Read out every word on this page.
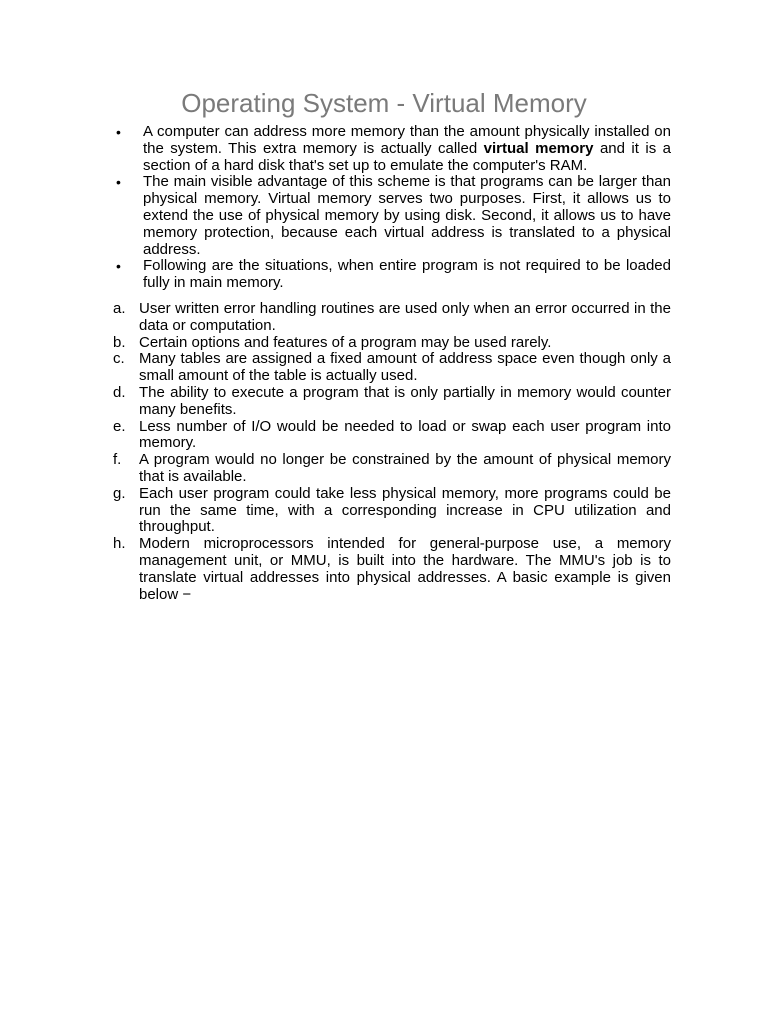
Operating System - Virtual Memory
•	A computer can address more memory than the amount physically installed on the system. This extra memory is actually called virtual memory and it is a section of a hard disk that's set up to emulate the computer's RAM.
•	The main visible advantage of this scheme is that programs can be larger than physical memory. Virtual memory serves two purposes. First, it allows us to extend the use of physical memory by using disk. Second, it allows us to have memory protection, because each virtual address is translated to a physical address.
•	Following are the situations, when entire program is not required to be loaded fully in main memory.
a. User written error handling routines are used only when an error occurred in the data or computation.
b. Certain options and features of a program may be used rarely.
c. Many tables are assigned a fixed amount of address space even though only a small amount of the table is actually used.
d. The ability to execute a program that is only partially in memory would counter many benefits.
e. Less number of I/O would be needed to load or swap each user program into memory.
f.	A program would no longer be constrained by the amount of physical memory that is available.
g. Each user program could take less physical memory, more programs could be run the same time, with a corresponding increase in CPU utilization and throughput.
h. Modern microprocessors intended for general-purpose use, a memory management unit, or MMU, is built into the hardware. The MMU's job is to translate virtual addresses into physical addresses. A basic example is given below −
